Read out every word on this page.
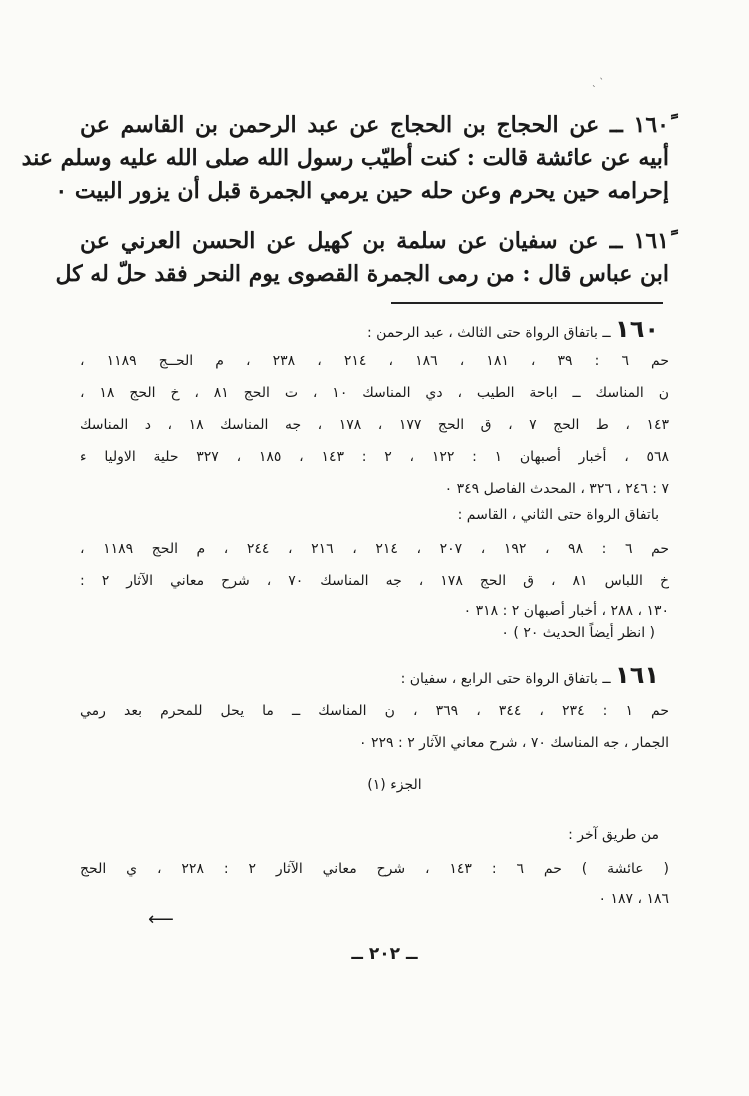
ˋ ˎ
١٦٠ً ــ عن الحجاج بن الحجاج عن عبد الرحمن بن القاسم عن
أبيه عن عائشة قالت : كنت أطيّب رسول الله صلى الله عليه وسلم عند
إحرامه حين يحرم وعن حله حين يرمي الجمرة قبل أن يزور البيت ٠
١٦١ً ــ عن سفيان عن سلمة بن كهيل عن الحسن العرني عن
ابن عباس قال : من رمى الجمرة القصوى يوم النحر فقد حلّ له كل
١٦٠ ــ باتفاق الرواة حتى الثالث ، عبد الرحمن :
حم ٦ : ٣٩ ، ١٨١ ، ١٨٦ ، ٢١٤ ، ٢٣٨ ، م الحــج ١١٨٩ ،
ن المناسك ــ اباحة الطيب ، دي المناسك ١٠ ، ت الحج ٨١ ، خ الحج ١٨ ،
١٤٣ ، ط الحج ٧ ، ق الحج ١٧٧ ، ١٧٨ ، جه المناسك ١٨ ، د المناسك
٥٦٨ ، أخبار أصبهان ١ : ١٢٢ ، ٢ : ١٤٣ ، ١٨٥ ، ٣٢٧ حلية الاوليا ء
٧ : ٢٤٦ ، ٣٢٦ ، المحدث الفاصل ٣٤٩ ٠
باتفاق الرواة حتى الثاني ، القاسم :
حم ٦ : ٩٨ ، ١٩٢ ، ٢٠٧ ، ٢١٤ ، ٢١٦ ، ٢٤٤ ، م الحج ١١٨٩ ،
خ اللباس ٨١ ، ق الحج ١٧٨ ، جه المناسك ٧٠ ، شرح معاني الآثار ٢ :
١٣٠ ، ٢٨٨ ، أخبار أصبهان ٢ : ٣١٨ ٠
( انظر أيضاً الحديث ٢٠ ) ٠
١٦١ ــ باتفاق الرواة حتى الرابع ، سفيان :
حم ١ : ٢٣٤ ، ٣٤٤ ، ٣٦٩ ، ن المناسك ــ ما يحل للمحرم بعد رمي
الجمار ، جه المناسك ٧٠ ، شرح معاني الآثار ٢ : ٢٢٩ ٠
الجزء (١)
من طريق آخر :
( عائشة ) حم ٦ : ١٤٣ ، شرح معاني الآثار ٢ : ٢٢٨ ، ي الحج
١٨٦ ، ١٨٧ ٠
⟵
ــ ٢٠٢ ــ
